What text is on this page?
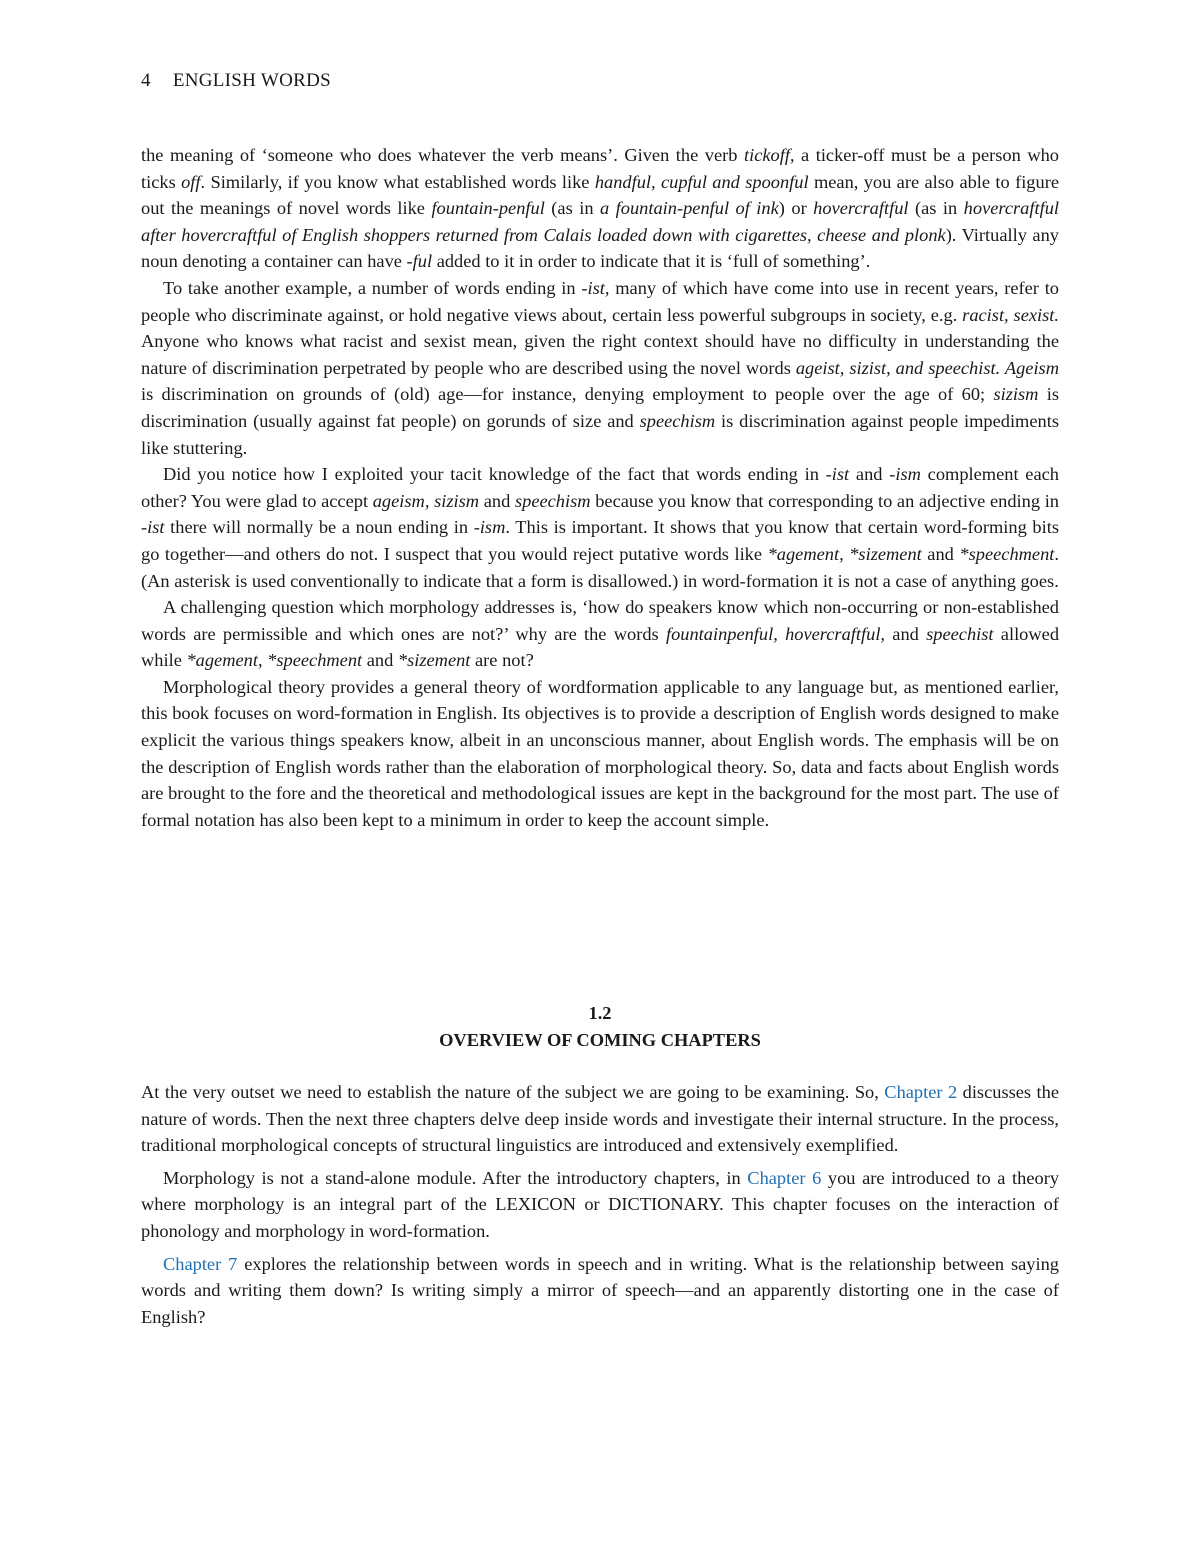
4 ENGLISH WORDS

the meaning of ‘someone who does whatever the verb means’. Given the verb tickoff, a ticker-off must be a person who ticks off. Similarly, if you know what established words like handful, cupful and spoonful mean, you are also able to figure out the meanings of novel words like fountain-penful (as in a fountain-penful of ink) or hovercraftful (as in hovercraftful after hovercraftful of English shoppers returned from Calais loaded down with cigarettes, cheese and plonk). Virtually any noun denoting a container can have -ful added to it in order to indicate that it is ‘full of something’.

To take another example, a number of words ending in -ist, many of which have come into use in recent years, refer to people who discriminate against, or hold negative views about, certain less powerful subgroups in society, e.g. racist, sexist. Anyone who knows what racist and sexist mean, given the right context should have no difficulty in understanding the nature of discrimination perpetrated by people who are described using the novel words ageist, sizist, and speechist. Ageism is discrimination on grounds of (old) age—for instance, denying employment to people over the age of 60; sizism is discrimination (usually against fat people) on gorunds of size and speechism is discrimination against people impediments like stuttering.

Did you notice how I exploited your tacit knowledge of the fact that words ending in -ist and -ism complement each other? You were glad to accept ageism, sizism and speechism because you know that corresponding to an adjective ending in -ist there will normally be a noun ending in -ism. This is important. It shows that you know that certain word-forming bits go together—and others do not. I suspect that you would reject putative words like *agement, *sizement and *speechment. (An asterisk is used conventionally to indicate that a form is disallowed.) in word-formation it is not a case of anything goes.

A challenging question which morphology addresses is, ‘how do speakers know which non-occurring or non-established words are permissible and which ones are not?’ why are the words fountainpenful, hovercraftful, and speechist allowed while *agement, *speechment and *sizement are not?

Morphological theory provides a general theory of wordformation applicable to any language but, as mentioned earlier, this book focuses on word-formation in English. Its objectives is to provide a description of English words designed to make explicit the various things speakers know, albeit in an unconscious manner, about English words. The emphasis will be on the description of English words rather than the elaboration of morphological theory. So, data and facts about English words are brought to the fore and the theoretical and methodological issues are kept in the background for the most part. The use of formal notation has also been kept to a minimum in order to keep the account simple.

1.2
OVERVIEW OF COMING CHAPTERS

At the very outset we need to establish the nature of the subject we are going to be examining. So, Chapter 2 discusses the nature of words. Then the next three chapters delve deep inside words and investigate their internal structure. In the process, traditional morphological concepts of structural linguistics are introduced and extensively exemplified.

Morphology is not a stand-alone module. After the introductory chapters, in Chapter 6 you are introduced to a theory where morphology is an integral part of the LEXICON or DICTIONARY. This chapter focuses on the interaction of phonology and morphology in word-formation.

Chapter 7 explores the relationship between words in speech and in writing. What is the relationship between saying words and writing them down? Is writing simply a mirror of speech—and an apparently distorting one in the case of English?
